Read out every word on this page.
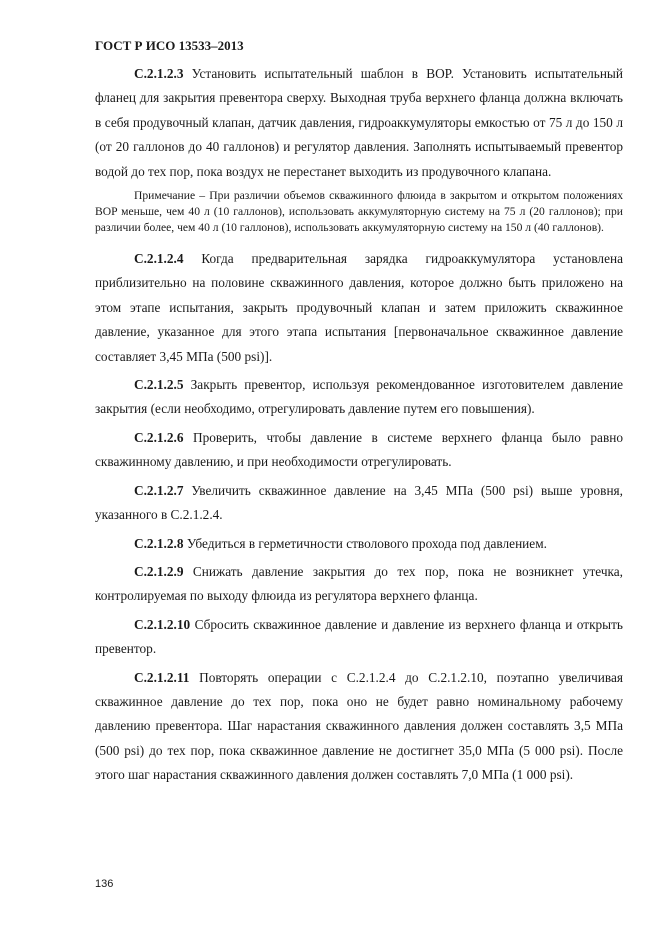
ГОСТ Р ИСО 13533–2013

C.2.1.2.3 Установить испытательный шаблон в BOP. Установить испытательный фланец для закрытия превентора сверху. Выходная труба верхнего фланца должна включать в себя продувочный клапан, датчик давления, гидроаккумуляторы емкостью от 75 л до 150 л (от 20 галлонов до 40 галлонов) и регулятор давления. Заполнять испытываемый превентор водой до тех пор, пока воздух не перестанет выходить из продувочного клапана.

Примечание – При различии объемов скважинного флюида в закрытом и открытом положениях BOP меньше, чем 40 л (10 галлонов), использовать аккумуляторную систему на 75 л (20 галлонов); при различии более, чем 40 л (10 галлонов), использовать аккумуляторную систему на 150 л (40 галлонов).

C.2.1.2.4 Когда предварительная зарядка гидроаккумулятора установлена приблизительно на половине скважинного давления, которое должно быть приложено на этом этапе испытания, закрыть продувочный клапан и затем приложить скважинное давление, указанное для этого этапа испытания [первоначальное скважинное давление составляет 3,45 МПа (500 psi)].

C.2.1.2.5 Закрыть превентор, используя рекомендованное изготовителем давление закрытия (если необходимо, отрегулировать давление путем его повышения).

C.2.1.2.6 Проверить, чтобы давление в системе верхнего фланца было равно скважинному давлению, и при необходимости отрегулировать.

C.2.1.2.7 Увеличить скважинное давление на 3,45 МПа (500 psi) выше уровня, указанного в C.2.1.2.4.

C.2.1.2.8 Убедиться в герметичности стволового прохода под давлением.

C.2.1.2.9 Снижать давление закрытия до тех пор, пока не возникнет утечка, контролируемая по выходу флюида из регулятора верхнего фланца.

C.2.1.2.10 Сбросить скважинное давление и давление из верхнего фланца и открыть превентор.

C.2.1.2.11 Повторять операции с C.2.1.2.4 до C.2.1.2.10, поэтапно увеличивая скважинное давление до тех пор, пока оно не будет равно номинальному рабочему давлению превентора. Шаг нарастания скважинного давления должен составлять 3,5 МПа (500 psi) до тех пор, пока скважинное давление не достигнет 35,0 МПа (5 000 psi). После этого шаг нарастания скважинного давления должен составлять 7,0 МПа (1 000 psi).

136
